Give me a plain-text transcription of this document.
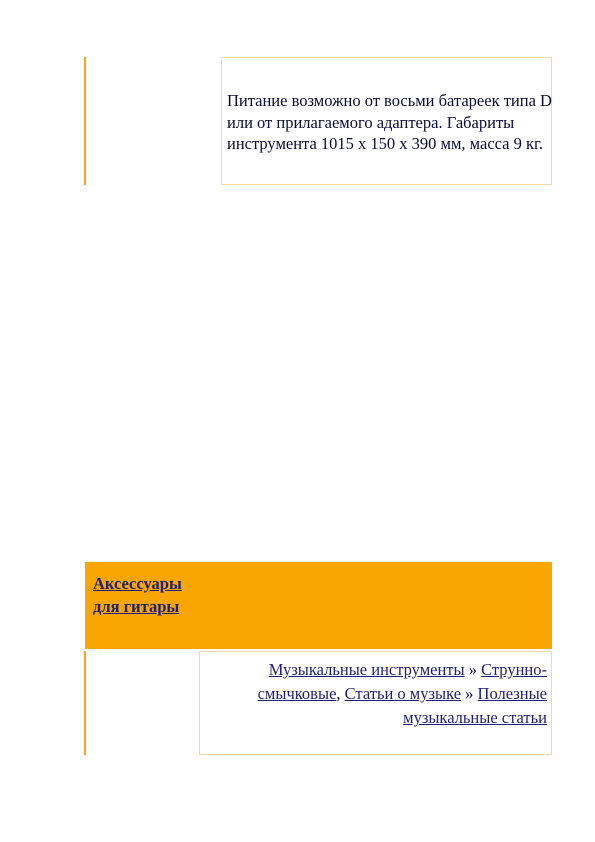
Питание возможно от восьми батареек типа D или от прилагаемого адаптера. Габариты инструмента 1015 х 150 х 390 мм, масса 9 кг.
Аксессуары для гитары
Музыкальные инструменты » Струнно-смычковые, Статьи о музыке » Полезные музыкальные статьи
